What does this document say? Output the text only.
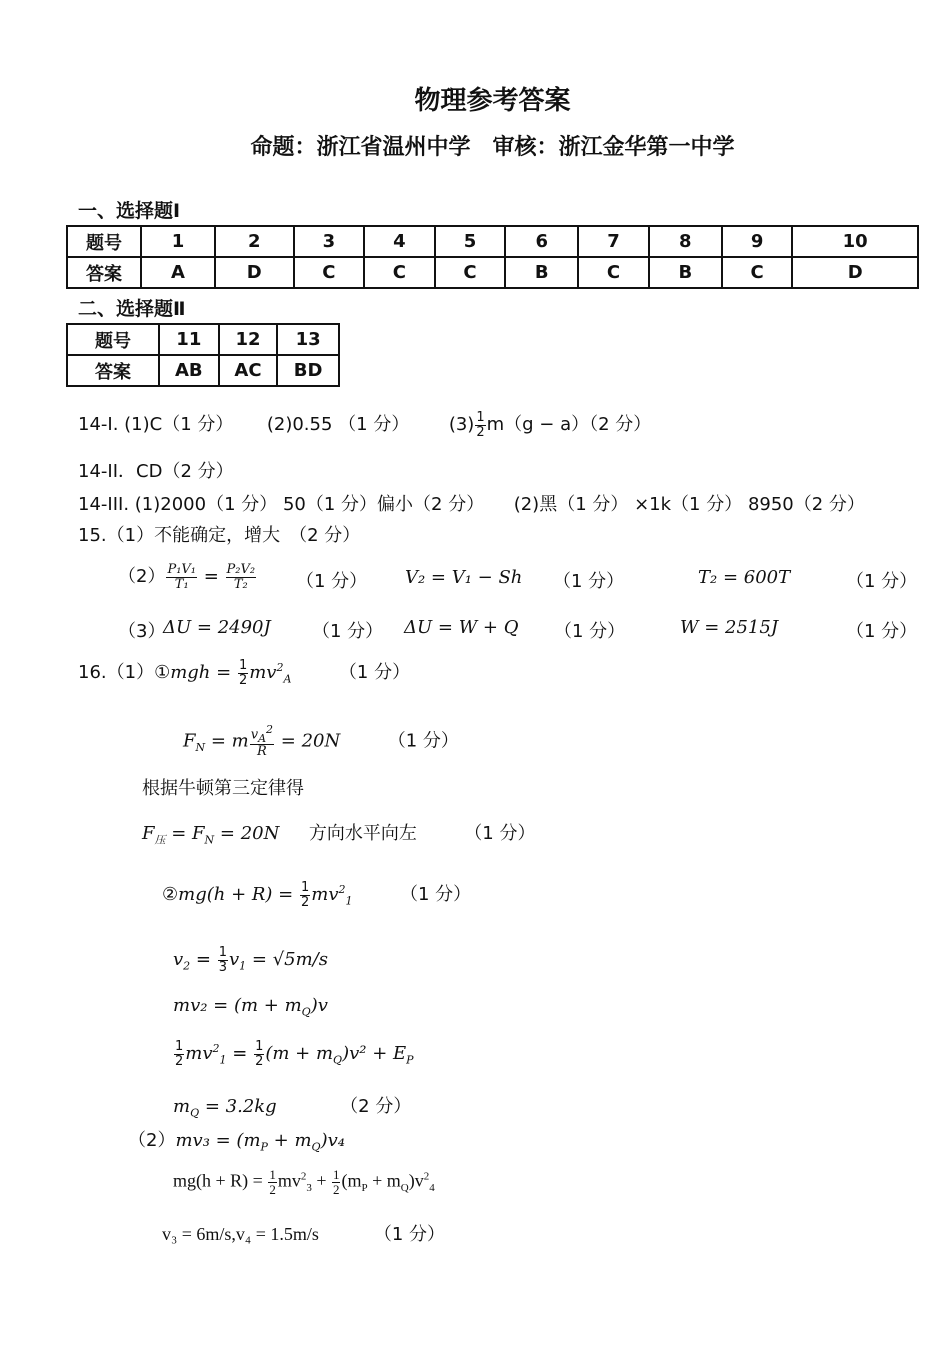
物理参考答案
命题：浙江省温州中学　审核：浙江金华第一中学
一、选择题Ⅰ
题号	1	2	3	4	5	6	7	8	9	10
答案	A	D	C	C	C	B	C	B	C	D
二、选择题Ⅱ
题号	11	12	13
答案	AB	AC	BD
14-I. (1)C（1 分） (2)0.55 （1 分） $(3) \frac{1}{2} m(g - a)(2$ 分）
14-II．CD（2 分）
14-III. (1)2000（1 分） 50（1 分）偏小（2 分） (2)黑（1 分） ×1k（1 分） 8950（2 分）
15.（1）不能确定，增大　（2 分）
$(2) \frac{\text{P₁V₁}}{\text{T₁}} = \frac{\text{P₂V₂}}{\text{T₂}} (1$ 分） V₂ = V₁ − Sh （1 分）	T₂ = 600T	（1 分）
（3）
ΔU = 2490J （1 分） ΔU = W + Q （1 分）	W = 2515J	（1 分）
16.（1）①mgh = $\frac{1}{2} mv^2_A$	（1 分）
$F_N = m \frac{v_A^2}{R} = 20N$	（1 分）
根据牛顿第三定律得
$F_压 = F_N = 20N$ 方向水平向左	（1 分）
②mg(h + $R) = \frac{1}{2} mv^2_1$	（1 分）
$v_2 = \frac{1}{3} v_1 = √5m/s$
$mv_2 = (m + m_Q)v$
$\frac{1}{2} mv^2_1 = \frac{1}{2} (m + m_Q)v^2 + E_P$
$m_Q = 3.2kg$	（2 分）
$(2)mv_3 = (m_P + m_Q)v_4$
$mg(h + R) = \frac{1}{2} mv^2_3 + \frac{1}{2} (m_P + m_Q)v^2_4$
v₃ = 6m/s,v₄ = 1.5m/s	（1 分）
